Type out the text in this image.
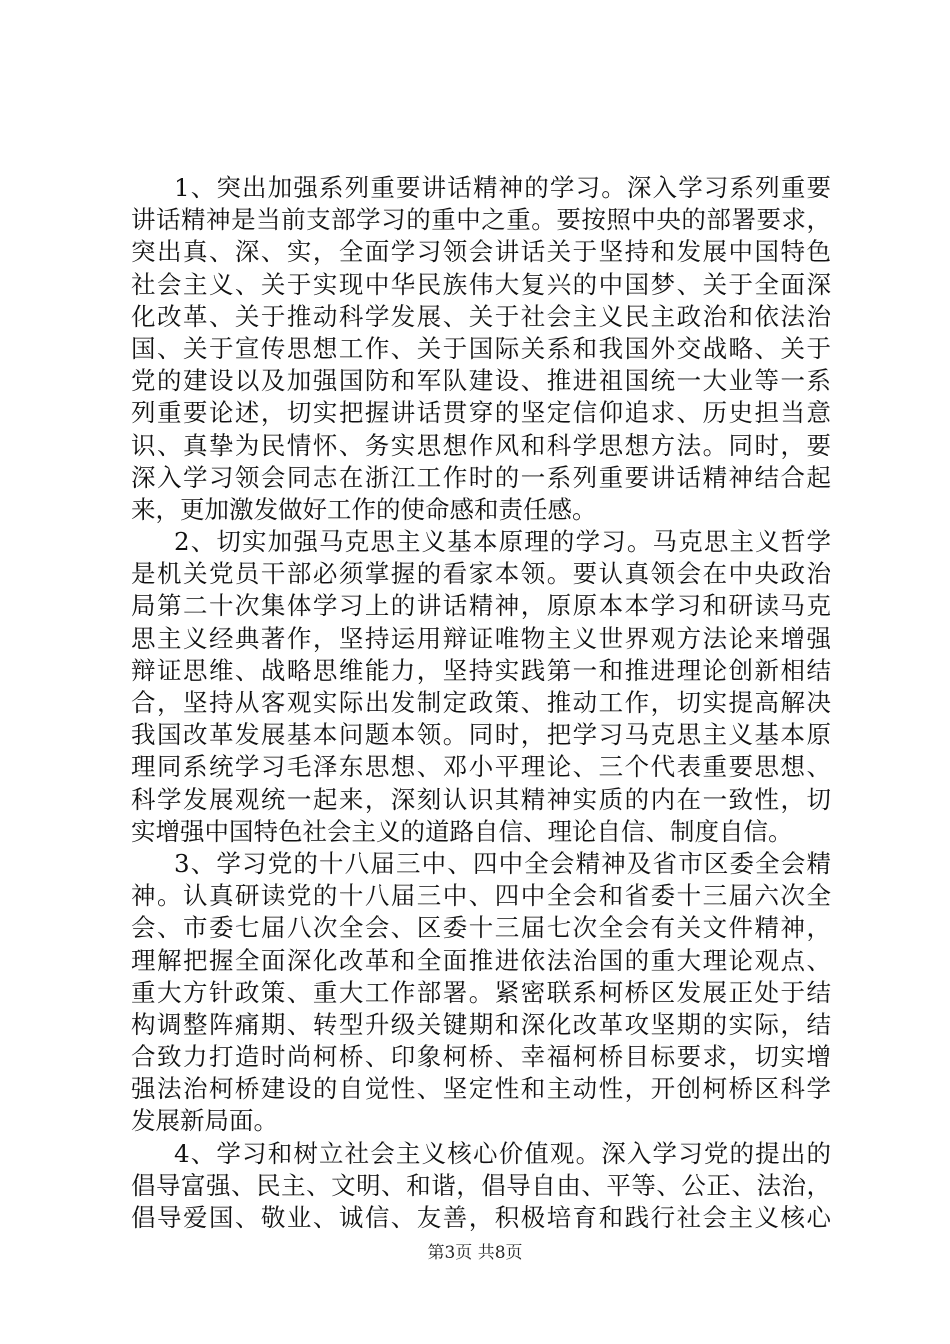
1、突出加强系列重要讲话精神的学习。深入学习系列重要
讲话精神是当前支部学习的重中之重。要按照中央的部署要求，
突出真、深、实，全面学习领会讲话关于坚持和发展中国特色
社会主义、关于实现中华民族伟大复兴的中国梦、关于全面深
化改革、关于推动科学发展、关于社会主义民主政治和依法治
国、关于宣传思想工作、关于国际关系和我国外交战略、关于
党的建设以及加强国防和军队建设、推进祖国统一大业等一系
列重要论述，切实把握讲话贯穿的坚定信仰追求、历史担当意
识、真挚为民情怀、务实思想作风和科学思想方法。同时，要
深入学习领会同志在浙江工作时的一系列重要讲话精神结合起
来，更加激发做好工作的使命感和责任感。
2、切实加强马克思主义基本原理的学习。马克思主义哲学
是机关党员干部必须掌握的看家本领。要认真领会在中央政治
局第二十次集体学习上的讲话精神，原原本本学习和研读马克
思主义经典著作，坚持运用辩证唯物主义世界观方法论来增强
辩证思维、战略思维能力，坚持实践第一和推进理论创新相结
合，坚持从客观实际出发制定政策、推动工作，切实提高解决
我国改革发展基本问题本领。同时，把学习马克思主义基本原
理同系统学习毛泽东思想、邓小平理论、三个代表重要思想、
科学发展观统一起来，深刻认识其精神实质的内在一致性，切
实增强中国特色社会主义的道路自信、理论自信、制度自信。
3、学习党的十八届三中、四中全会精神及省市区委全会精
神。认真研读党的十八届三中、四中全会和省委十三届六次全
会、市委七届八次全会、区委十三届七次全会有关文件精神，
理解把握全面深化改革和全面推进依法治国的重大理论观点、
重大方针政策、重大工作部署。紧密联系柯桥区发展正处于结
构调整阵痛期、转型升级关键期和深化改革攻坚期的实际，结
合致力打造时尚柯桥、印象柯桥、幸福柯桥目标要求，切实增
强法治柯桥建设的自觉性、坚定性和主动性，开创柯桥区科学
发展新局面。
4、学习和树立社会主义核心价值观。深入学习党的提出的
倡导富强、民主、文明、和谐，倡导自由、平等、公正、法治，
倡导爱国、敬业、诚信、友善，积极培育和践行社会主义核心
第3页 共8页
